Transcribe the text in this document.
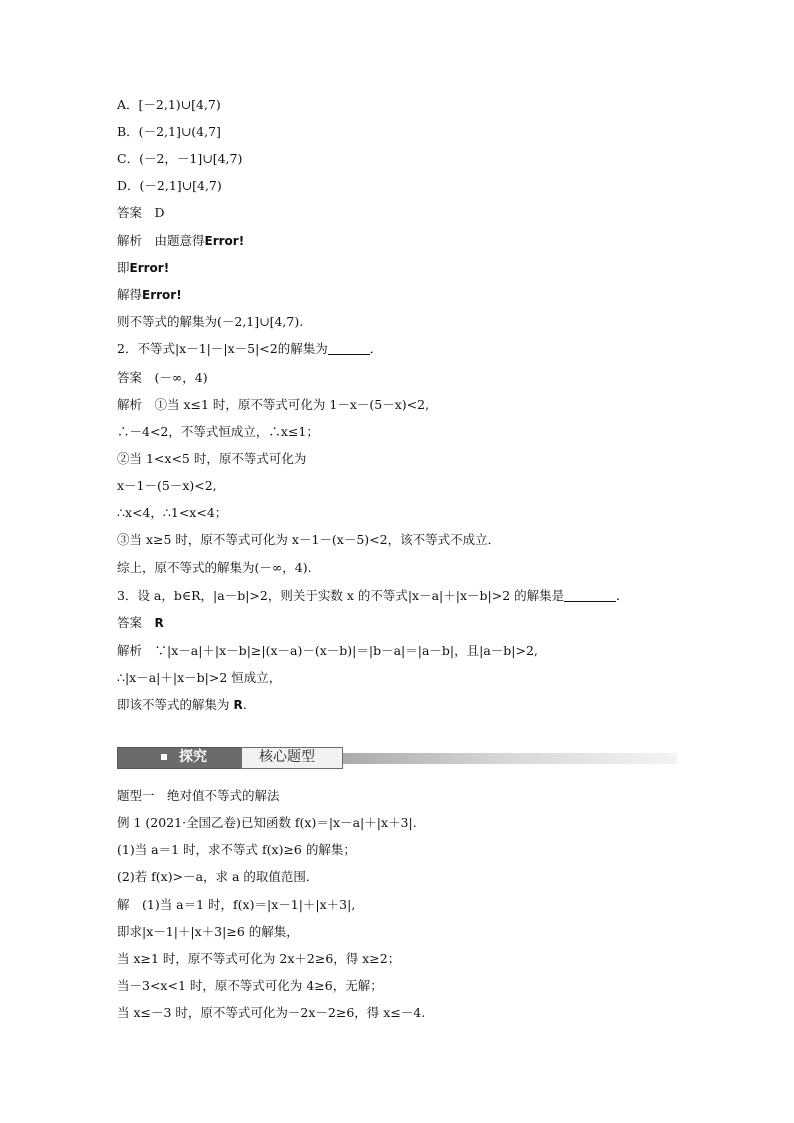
A．[－2,1)∪[4,7)
B．(－2,1]∪(4,7]
C．(－2，－1]∪[4,7)
D．(－2,1]∪[4,7)
答案　D
解析　由题意得Error!
即Error!
解得Error!
则不等式的解集为(－2,1]∪[4,7).
2．不等式|x－1|－|x－5|<2的解集为	．
答案　(－∞，4)
解析　①当 x≤1 时，原不等式可化为 1－x－(5－x)<2,
∴－4<2，不等式恒成立，∴x≤1；
②当 1<x<5 时，原不等式可化为
x－1－(5－x)<2,
∴x<4，∴1<x<4；
③当 x≥5 时，原不等式可化为 x－1－(x－5)<2，该不等式不成立．
综上，原不等式的解集为(－∞，4).
3．设 a，b∈R，|a－b|>2，则关于实数 x 的不等式|x－a|＋|x－b|>2 的解集是	．
答案　R
解析　∵|x－a|＋|x－b|≥|(x－a)－(x－b)|＝|b－a|＝|a－b|，且|a－b|>2,
∴|x－a|＋|x－b|>2 恒成立，
即该不等式的解集为 R.
探究	核心题型
题型一　绝对值不等式的解法
例 1 (2021·全国乙卷)已知函数 f(x)＝|x－a|＋|x＋3|.
(1)当 a＝1 时，求不等式 f(x)≥6 的解集；
(2)若 f(x)>－a，求 a 的取值范围．
解　(1)当 a＝1 时，f(x)＝|x－1|＋|x＋3|,
即求|x－1|＋|x＋3|≥6 的解集，
当 x≥1 时，原不等式可化为 2x＋2≥6，得 x≥2；
当－3<x<1 时，原不等式可化为 4≥6，无解；
当 x≤－3 时，原不等式可化为－2x－2≥6，得 x≤－4.
